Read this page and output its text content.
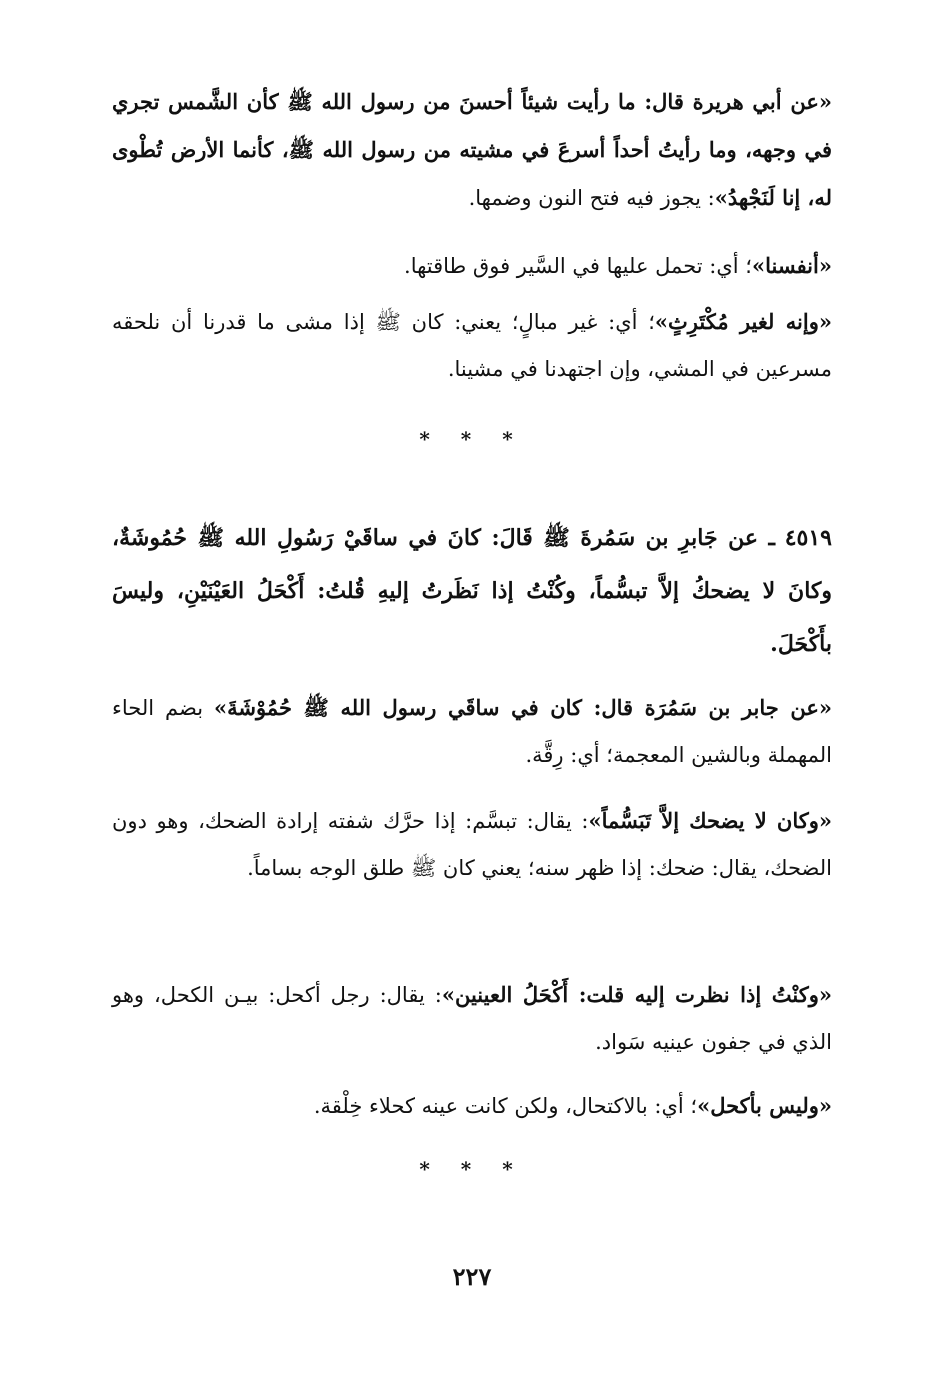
«عن أبي هريرة قال: ما رأيت شيئاً أحسنَ من رسول الله ﷺ كأن الشَّمس تجري في وجهه، وما رأيتُ أحداً أسرعَ في مشيته من رسول الله ﷺ، كأنما الأرض تُطْوى له، إنا لَنَجْهدُ»: يجوز فيه فتح النون وضمها.

«أنفسنا»؛ أي: تحمل عليها في السَّير فوق طاقتها.

«وإنه لغير مُكْتَرِثٍ»؛ أي: غير مبالٍ؛ يعني: كان ﷺ إذا مشى ما قدرنا أن نلحقه مسرعين في المشي، وإن اجتهدنا في مشينا.

* * *

٤٥١٩ ـ عن جَابرِ بن سَمُرةَ ﷺ قَالَ: كانَ في ساقَيْ رَسُولِ الله ﷺ حُمُوشَةٌ، وكانَ لا يضحكُ إلاَّ تبسُّماً، وكُنْتُ إذا نَظَرتُ إليهِ قُلتُ: أَكْحَلُ العَيْنَيْنِ، وليسَ بأَكْحَلَ.

«عن جابر بن سَمُرَة قال: كان في ساقَي رسول الله ﷺ حُمُوْشَةَ» بضم الحاء المهملة وبالشين المعجمة؛ أي: رِقَّة.

«وكان لا يضحك إلاَّ تَبَسُّماً»: يقال: تبسَّم: إذا حرَّك شفته إرادة الضحك، وهو دون الضحك، يقال: ضحك: إذا ظهر سنه؛ يعني كان ﷺ طلق الوجه بساماً.

«وكنْتُ إذا نظرت إليه قلت: أَكْحَلُ العينين»: يقال: رجل أكحل: بيـن الكحل، وهو الذي في جفون عينيه سَواد.

«وليس بأكحل»؛ أي: بالاكتحال، ولكن كانت عينه كحلاء خِلْقة.

* * *
٢٢٧
